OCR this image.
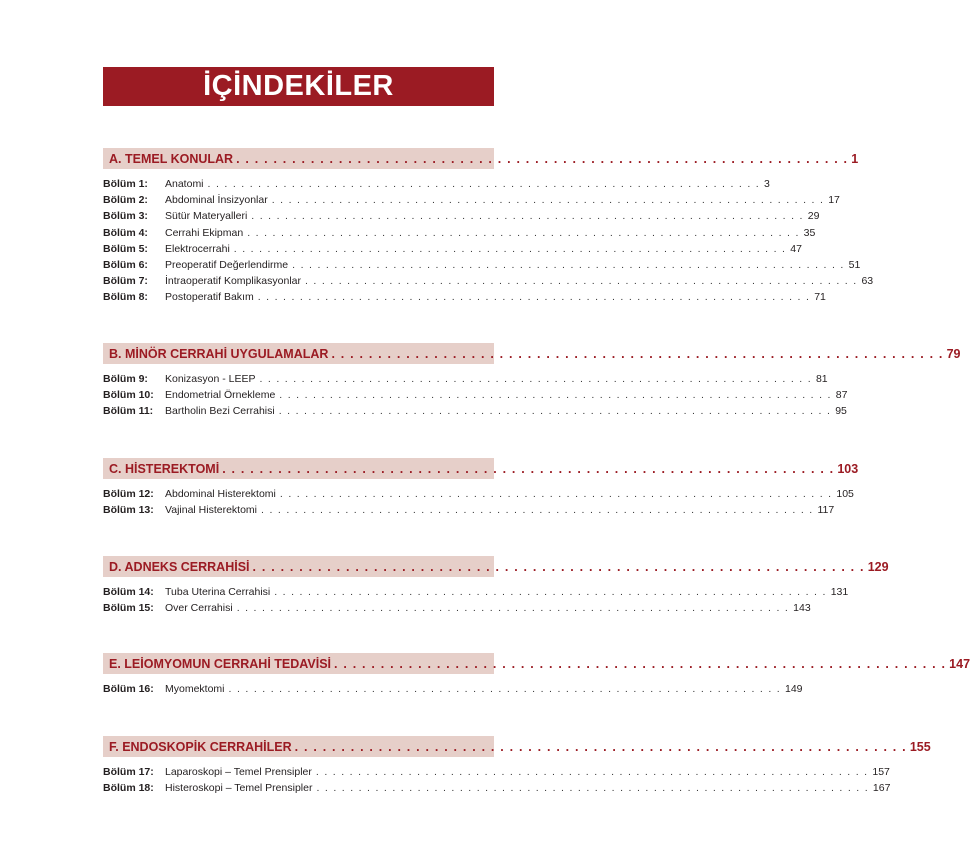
İÇİNDEKİLER
A. TEMEL KONULAR . . . . . . . . . . . . . . . . . . . . . . . . . . . . . . . . . . . . . . . . . . . . . . . . . . . . . . . . . . . . . . . . . . 1
Bölüm 1:	Anatomi . . . . . . . . . . . . . . . . . . . . . . . . . . . . . . . . . . . . . . . . . . . . . . . . . . . . . . . . . . . . . . . . . . 3
Bölüm 2:	Abdominal İnsizyonlar . . . . . . . . . . . . . . . . . . . . . . . . . . . . . . . . . . . . . . . . . . . . . . . . . . . . . . . . . . . . . . . . . . 17
Bölüm 3:	Sütür Materyalleri . . . . . . . . . . . . . . . . . . . . . . . . . . . . . . . . . . . . . . . . . . . . . . . . . . . . . . . . . . . . . . . . . . 29
Bölüm 4:	Cerrahi Ekipman . . . . . . . . . . . . . . . . . . . . . . . . . . . . . . . . . . . . . . . . . . . . . . . . . . . . . . . . . . . . . . . . . . 35
Bölüm 5:	Elektrocerrahi . . . . . . . . . . . . . . . . . . . . . . . . . . . . . . . . . . . . . . . . . . . . . . . . . . . . . . . . . . . . . . . . . . 47
Bölüm 6:	Preoperatif Değerlendirme . . . . . . . . . . . . . . . . . . . . . . . . . . . . . . . . . . . . . . . . . . . . . . . . . . . . . . . . . . . . . . . . . . 51
Bölüm 7:	İntraoperatif Komplikasyonlar . . . . . . . . . . . . . . . . . . . . . . . . . . . . . . . . . . . . . . . . . . . . . . . . . . . . . . . . . . . . . . . . . . 63
Bölüm 8:	Postoperatif Bakım . . . . . . . . . . . . . . . . . . . . . . . . . . . . . . . . . . . . . . . . . . . . . . . . . . . . . . . . . . . . . . . . . . 71
B. MİNÖR CERRAHİ UYGULAMALAR . . . . . . . . . . . . . . . . . . . . . . . . . . . . . . . . . . . . . . . . . . . . . . . . . . . . . . . . . . . . . . . . . . 79
Bölüm 9:	Konizasyon - LEEP . . . . . . . . . . . . . . . . . . . . . . . . . . . . . . . . . . . . . . . . . . . . . . . . . . . . . . . . . . . . . . . . . . 81
Bölüm 10:	Endometrial Örnekleme . . . . . . . . . . . . . . . . . . . . . . . . . . . . . . . . . . . . . . . . . . . . . . . . . . . . . . . . . . . . . . . . . . 87
Bölüm 11:	Bartholin Bezi Cerrahisi . . . . . . . . . . . . . . . . . . . . . . . . . . . . . . . . . . . . . . . . . . . . . . . . . . . . . . . . . . . . . . . . . . 95
C. HİSTEREKTOMİ . . . . . . . . . . . . . . . . . . . . . . . . . . . . . . . . . . . . . . . . . . . . . . . . . . . . . . . . . . . . . . . . . . 103
Bölüm 12:	Abdominal Histerektomi . . . . . . . . . . . . . . . . . . . . . . . . . . . . . . . . . . . . . . . . . . . . . . . . . . . . . . . . . . . . . . . . . . 105
Bölüm 13:	Vajinal Histerektomi . . . . . . . . . . . . . . . . . . . . . . . . . . . . . . . . . . . . . . . . . . . . . . . . . . . . . . . . . . . . . . . . . . 117
D. ADNEKS CERRAHİSİ . . . . . . . . . . . . . . . . . . . . . . . . . . . . . . . . . . . . . . . . . . . . . . . . . . . . . . . . . . . . . . . . . . 129
Bölüm 14:	Tuba Uterina Cerrahisi . . . . . . . . . . . . . . . . . . . . . . . . . . . . . . . . . . . . . . . . . . . . . . . . . . . . . . . . . . . . . . . . . . 131
Bölüm 15:	Over Cerrahisi . . . . . . . . . . . . . . . . . . . . . . . . . . . . . . . . . . . . . . . . . . . . . . . . . . . . . . . . . . . . . . . . . . 143
E. LEİOMYOMUN CERRAHİ TEDAVİSİ . . . . . . . . . . . . . . . . . . . . . . . . . . . . . . . . . . . . . . . . . . . . . . . . . . . . . . . . . . . . . . . . . . 147
Bölüm 16:	Myomektomi . . . . . . . . . . . . . . . . . . . . . . . . . . . . . . . . . . . . . . . . . . . . . . . . . . . . . . . . . . . . . . . . . . 149
F. ENDOSKOPİK CERRAHİLER . . . . . . . . . . . . . . . . . . . . . . . . . . . . . . . . . . . . . . . . . . . . . . . . . . . . . . . . . . . . . . . . . . 155
Bölüm 17:	Laparoskopi – Temel Prensipler . . . . . . . . . . . . . . . . . . . . . . . . . . . . . . . . . . . . . . . . . . . . . . . . . . . . . . . . . . . . . . . . . . 157
Bölüm 18:	Histeroskopi – Temel Prensipler . . . . . . . . . . . . . . . . . . . . . . . . . . . . . . . . . . . . . . . . . . . . . . . . . . . . . . . . . . . . . . . . . . 167
